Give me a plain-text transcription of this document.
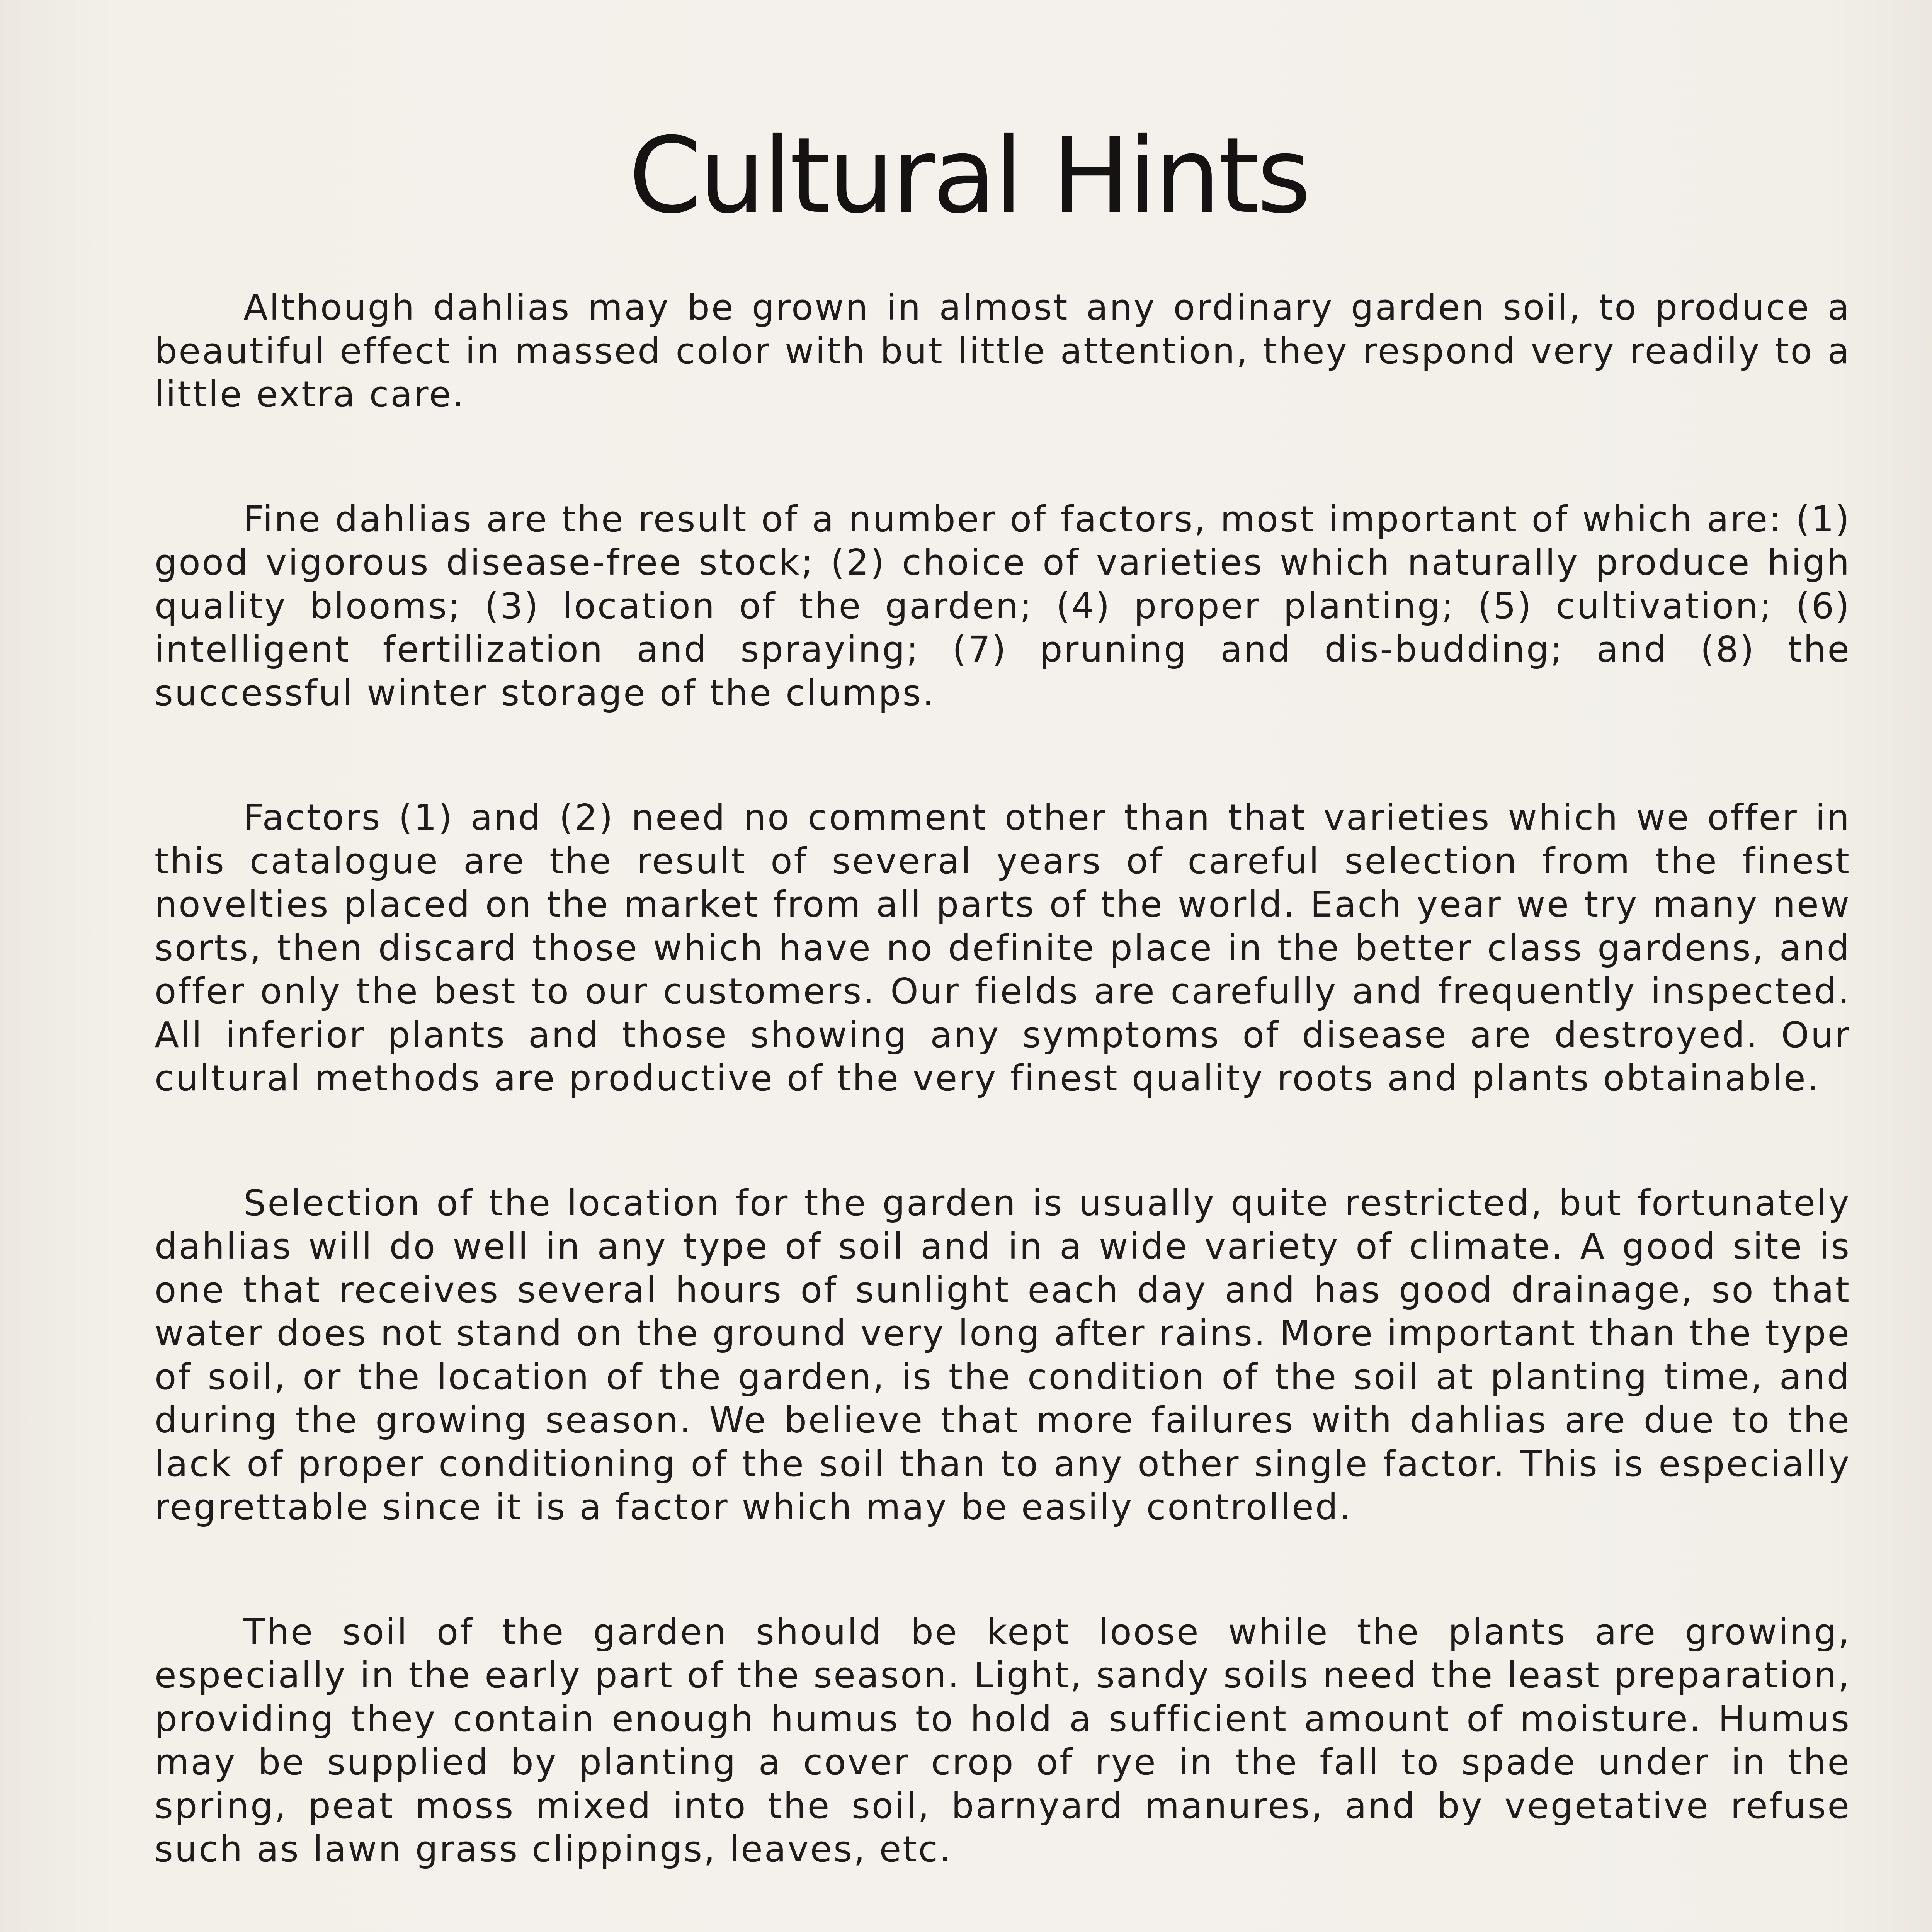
Cultural Hints

Although dahlias may be grown in almost any ordinary garden soil, to produce a beautiful effect in massed color with but little attention, they respond very readily to a little extra care.

Fine dahlias are the result of a number of factors, most important of which are: (1) good vigorous disease-free stock; (2) choice of varieties which naturally produce high quality blooms; (3) location of the garden; (4) proper planting; (5) cultivation; (6) intelligent fertilization and spraying; (7) pruning and dis-budding; and (8) the successful winter storage of the clumps.

Factors (1) and (2) need no comment other than that varieties which we offer in this catalogue are the result of several years of careful selection from the finest novelties placed on the market from all parts of the world. Each year we try many new sorts, then discard those which have no definite place in the better class gardens, and offer only the best to our customers. Our fields are carefully and frequently inspected. All inferior plants and those showing any symptoms of disease are destroyed. Our cultural methods are productive of the very finest quality roots and plants obtainable.

Selection of the location for the garden is usually quite restricted, but fortunately dahlias will do well in any type of soil and in a wide variety of climate. A good site is one that receives several hours of sunlight each day and has good drainage, so that water does not stand on the ground very long after rains. More important than the type of soil, or the location of the garden, is the condition of the soil at planting time, and during the growing season. We believe that more failures with dahlias are due to the lack of proper conditioning of the soil than to any other single factor. This is especially regrettable since it is a factor which may be easily controlled.

The soil of the garden should be kept loose while the plants are growing, especially in the early part of the season. Light, sandy soils need the least preparation, providing they contain enough humus to hold a sufficient amount of moisture. Humus may be supplied by planting a cover crop of rye in the fall to spade under in the spring, peat moss mixed into the soil, barnyard manures, and by vegetative refuse such as lawn grass clippings, leaves, etc.
